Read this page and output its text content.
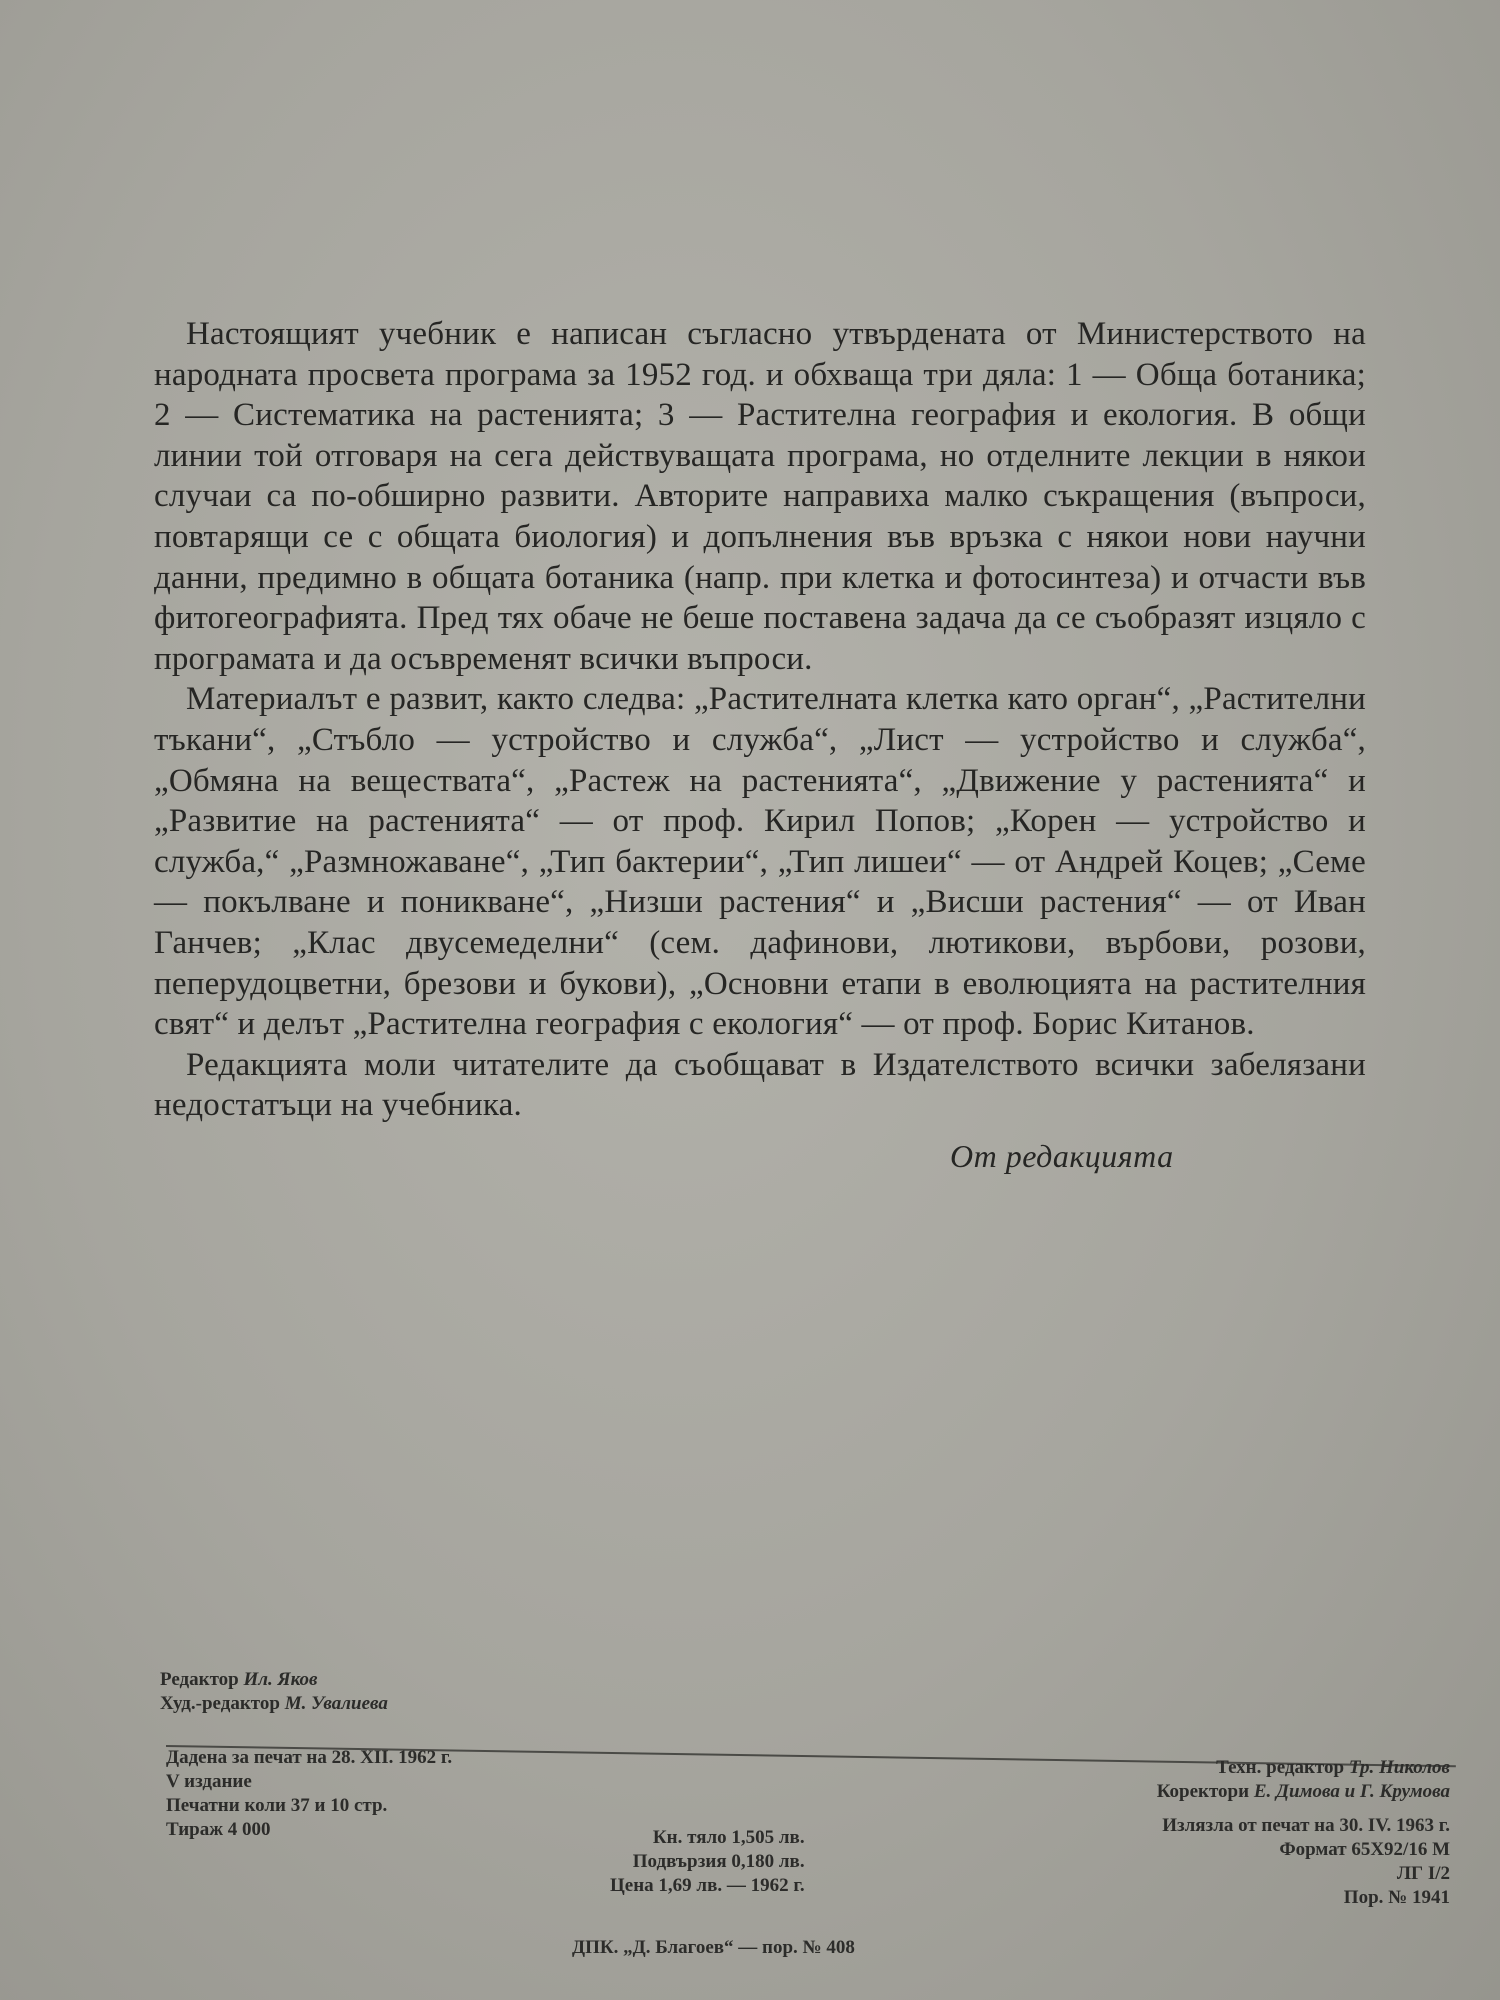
Настоящият учебник е написан съгласно утвърдената от Министерството на народната просвета програма за 1952 год. и обхваща три дяла: 1 — Обща ботаника; 2 — Систематика на растенията; 3 — Растителна география и екология. В общи линии той отговаря на сега действуващата програма, но отделните лекции в някои случаи са по-обширно развити. Авторите направиха малко съкращения (въпроси, повтарящи се с общата биология) и допълнения във връзка с някои нови научни данни, предимно в общата ботаника (напр. при клетка и фотосинтеза) и отчасти във фитогеографията. Пред тях обаче не беше поставена задача да се съобразят изцяло с програмата и да осъвременят всички въпроси.

Материалът е развит, както следва: „Растителната клетка като орган“, „Растителни тъкани“, „Стъбло — устройство и служба“, „Лист — устройство и служба“, „Обмяна на веществата“, „Растеж на растенията“, „Движение у растенията“ и „Развитие на растенията“ — от проф. Кирил Попов; „Корен — устройство и служба,“ „Размножаване“, „Тип бактерии“, „Тип лишеи“ — от Андрей Коцев; „Семе — покълване и поникване“, „Низши растения“ и „Висши растения“ — от Иван Ганчев; „Клас двусемеделни“ (сем. дафинови, лютикови, върбови, розови, пеперудоцветни, брезови и букови), „Основни етапи в еволюцията на растителния свят“ и делът „Растителна география с екология“ — от проф. Борис Китанов.

Редакцията моли читателите да съобщават в Издателството всички забелязани недостатъци на учебника.

От редакцията
Редактор Ил. Яков
Худ.-редактор М. Увалиева
Дадена за печат на 28. XII. 1962 г.
V издание
Печатни коли 37 и 10 стр.
Тираж 4 000	Кн. тяло 1,505 лв.
Подвързия 0,180 лв.
Цена 1,69 лв. — 1962 г.
Техн. редактор Тр. Николов
Коректори Е. Димова и Г. Крумова
Излязла от печат на 30. IV. 1963 г.
Формат 65X92/16 М
ЛГ I/2
Пор. № 1941
ДПК. „Д. Благоев“ — пор. № 408
